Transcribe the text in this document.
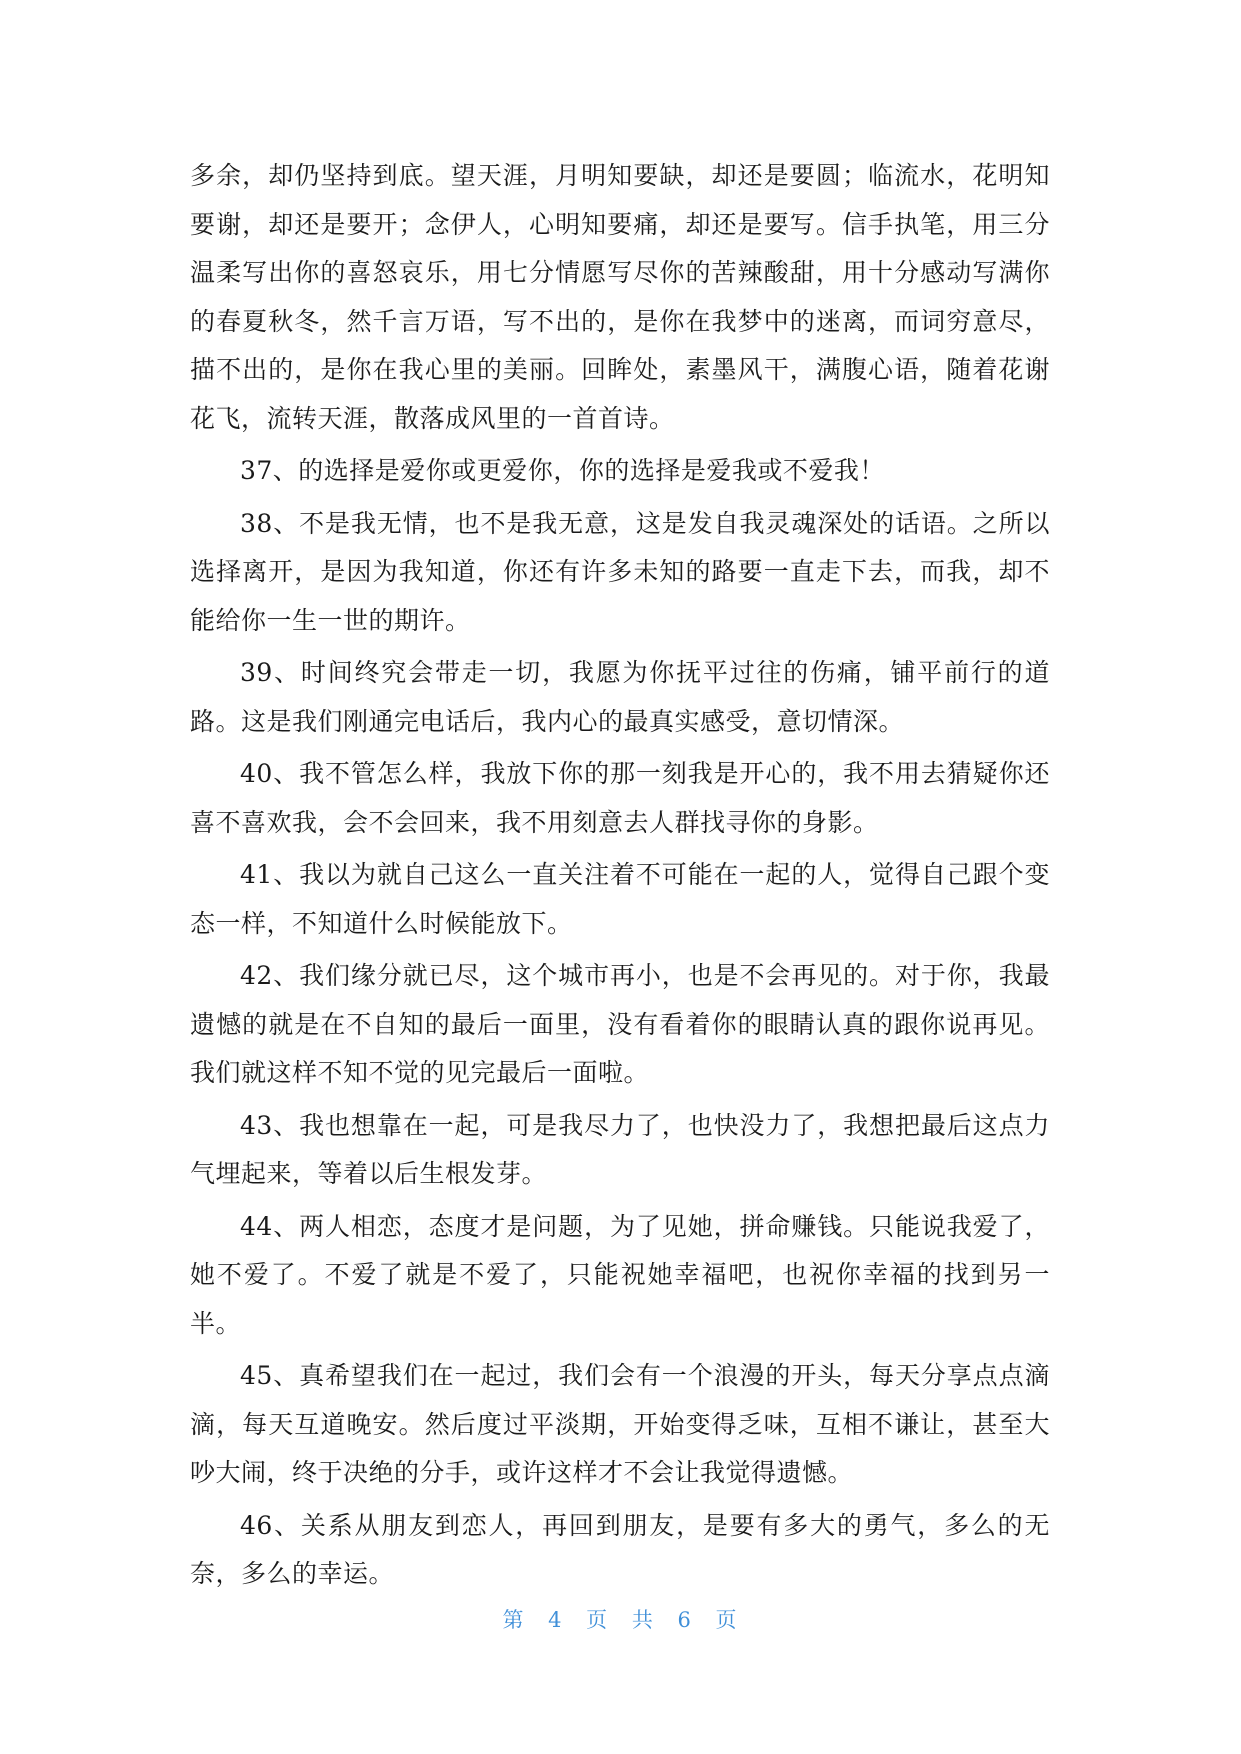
多余，却仍坚持到底。望天涯，月明知要缺，却还是要圆；临流水，花明知要谢，却还是要开；念伊人，心明知要痛，却还是要写。信手执笔，用三分温柔写出你的喜怒哀乐，用七分情愿写尽你的苦辣酸甜，用十分感动写满你的春夏秋冬，然千言万语，写不出的，是你在我梦中的迷离，而词穷意尽，描不出的，是你在我心里的美丽。回眸处，素墨风干，满腹心语，随着花谢花飞，流转天涯，散落成风里的一首首诗。

37、的选择是爱你或更爱你，你的选择是爱我或不爱我！

38、不是我无情，也不是我无意，这是发自我灵魂深处的话语。之所以选择离开，是因为我知道，你还有许多未知的路要一直走下去，而我，却不能给你一生一世的期许。

39、时间终究会带走一切，我愿为你抚平过往的伤痛，铺平前行的道路。这是我们刚通完电话后，我内心的最真实感受，意切情深。

40、我不管怎么样，我放下你的那一刻我是开心的，我不用去猜疑你还喜不喜欢我，会不会回来，我不用刻意去人群找寻你的身影。

41、我以为就自己这么一直关注着不可能在一起的人，觉得自己跟个变态一样，不知道什么时候能放下。

42、我们缘分就已尽，这个城市再小，也是不会再见的。对于你，我最遗憾的就是在不自知的最后一面里，没有看着你的眼睛认真的跟你说再见。我们就这样不知不觉的见完最后一面啦。

43、我也想靠在一起，可是我尽力了，也快没力了，我想把最后这点力气埋起来，等着以后生根发芽。

44、两人相恋，态度才是问题，为了见她，拼命赚钱。只能说我爱了，她不爱了。不爱了就是不爱了，只能祝她幸福吧，也祝你幸福的找到另一半。

45、真希望我们在一起过，我们会有一个浪漫的开头，每天分享点点滴滴，每天互道晚安。然后度过平淡期，开始变得乏味，互相不谦让，甚至大吵大闹，终于决绝的分手，或许这样才不会让我觉得遗憾。

46、关系从朋友到恋人，再回到朋友，是要有多大的勇气，多么的无奈，多么的幸运。

第 4 页 共 6 页
